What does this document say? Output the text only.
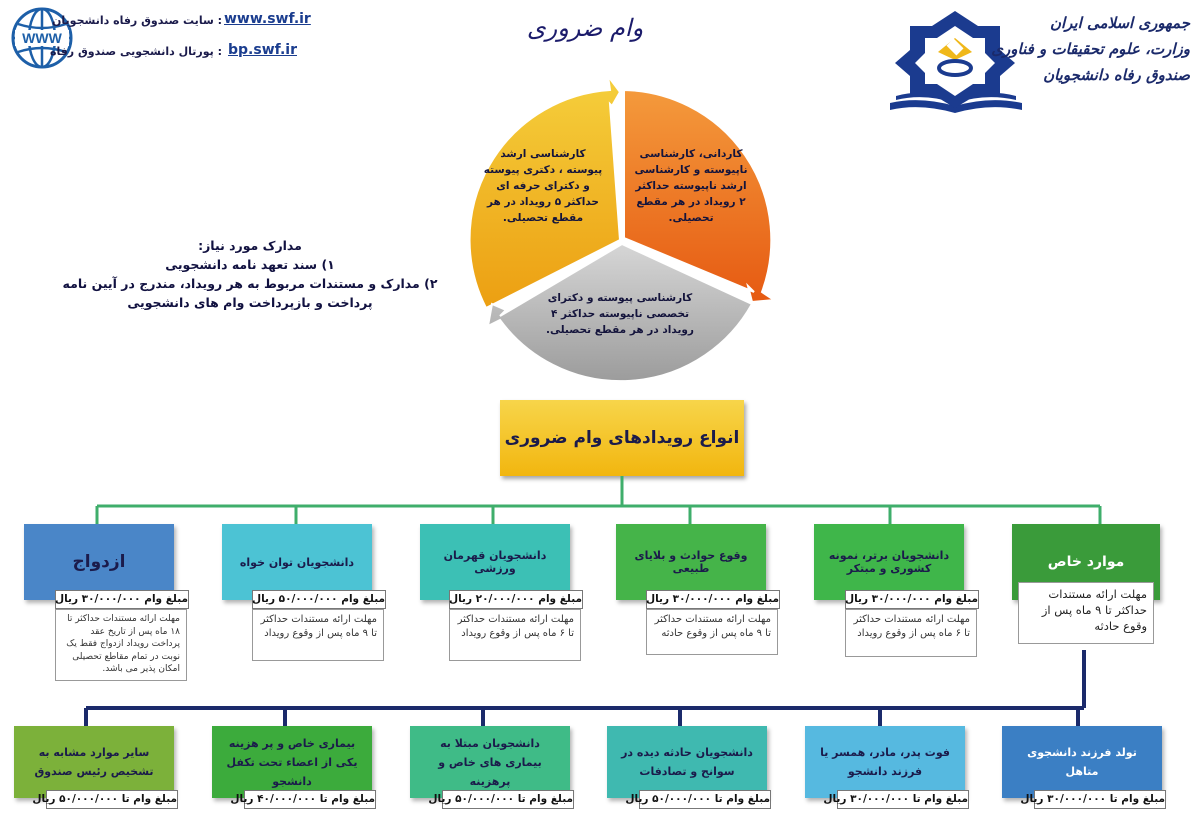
WWW
: سایت صندوق رفاه دانشجویان www.swf.ir
: پورتال دانشجویی صندوق رفاه bp.swf.ir
وام ضروری	جمهوری اسلامی ایران
وزارت، علوم تحقیقات و فناوری
صندوق رفاه دانشجویان
مدارک مورد نیاز:
۱) سند تعهد نامه دانشجویی
۲) مدارک و مستندات مربوط به هر رویداد، مندرج در آیین نامه پرداخت و بازپرداخت وام های دانشجویی
کارشناسی ارشد پیوسته ، دکتری پیوسته و دکترای حرفه ای حداکثر ۵ رویداد در هر مقطع تحصیلی.
کاردانی، کارشناسی ناپیوسته و کارشناسی ارشد ناپیوسته حداکثر ۲ رویداد در هر مقطع تحصیلی.
کارشناسی پیوسته و دکترای تخصصی ناپیوسته حداکثر ۴ رویداد در هر مقطع تحصیلی.
انواع رویدادهای وام ضروری
موارد خاص
مهلت ارائه مستندات حداکثر تا ۹ ماه پس از وقوع حادثه
دانشجویان برتر، نمونه کشوری و مبتکر
مبلغ وام ۳۰/۰۰۰/۰۰۰ ریال
مهلت ارائه مستندات حداکثر تا ۶ ماه پس از وقوع رویداد
وقوع حوادث و بلایای طبیعی
مبلغ وام ۳۰/۰۰۰/۰۰۰ ریال
مهلت ارائه مستندات حداکثر تا ۹ ماه پس از وقوع حادثه
دانشجویان قهرمان ورزشی
مبلغ وام ۲۰/۰۰۰/۰۰۰ ریال
مهلت ارائه مستندات حداکثر تا ۶ ماه پس از وقوع رویداد
دانشجویان توان خواه
مبلغ وام ۵۰/۰۰۰/۰۰۰ ریال
مهلت ارائه مستندات حداکثر تا ۹ ماه پس از وقوع رویداد
ازدواج
مبلغ وام ۳۰/۰۰۰/۰۰۰ ریال
مهلت ارائه مستندات حداکثر تا ۱۸ ماه پس از تاریخ عقد پرداخت رویداد ازدواج فقط یک نوبت در تمام مقاطع تحصیلی امکان پذیر می باشد.
تولد فرزند دانشجوی متاهل
مبلغ وام تا ۳۰/۰۰۰/۰۰۰ ریال
فوت پدر، مادر، همسر یا فرزند دانشجو
مبلغ وام تا ۳۰/۰۰۰/۰۰۰ ریال
دانشجویان حادثه دیده در سوانح و تصادفات
مبلغ وام تا ۵۰/۰۰۰/۰۰۰ ریال
دانشجویان مبتلا به بیماری های خاص و پرهزینه
مبلغ وام تا ۵۰/۰۰۰/۰۰۰ ریال
بیماری خاص و پر هزینه یکی از اعضاء تحت تکفل دانشجو
مبلغ وام تا ۴۰/۰۰۰/۰۰۰ ریال
سایر موارد مشابه به تشخیص رئیس صندوق
مبلغ وام تا ۵۰/۰۰۰/۰۰۰ ریال
